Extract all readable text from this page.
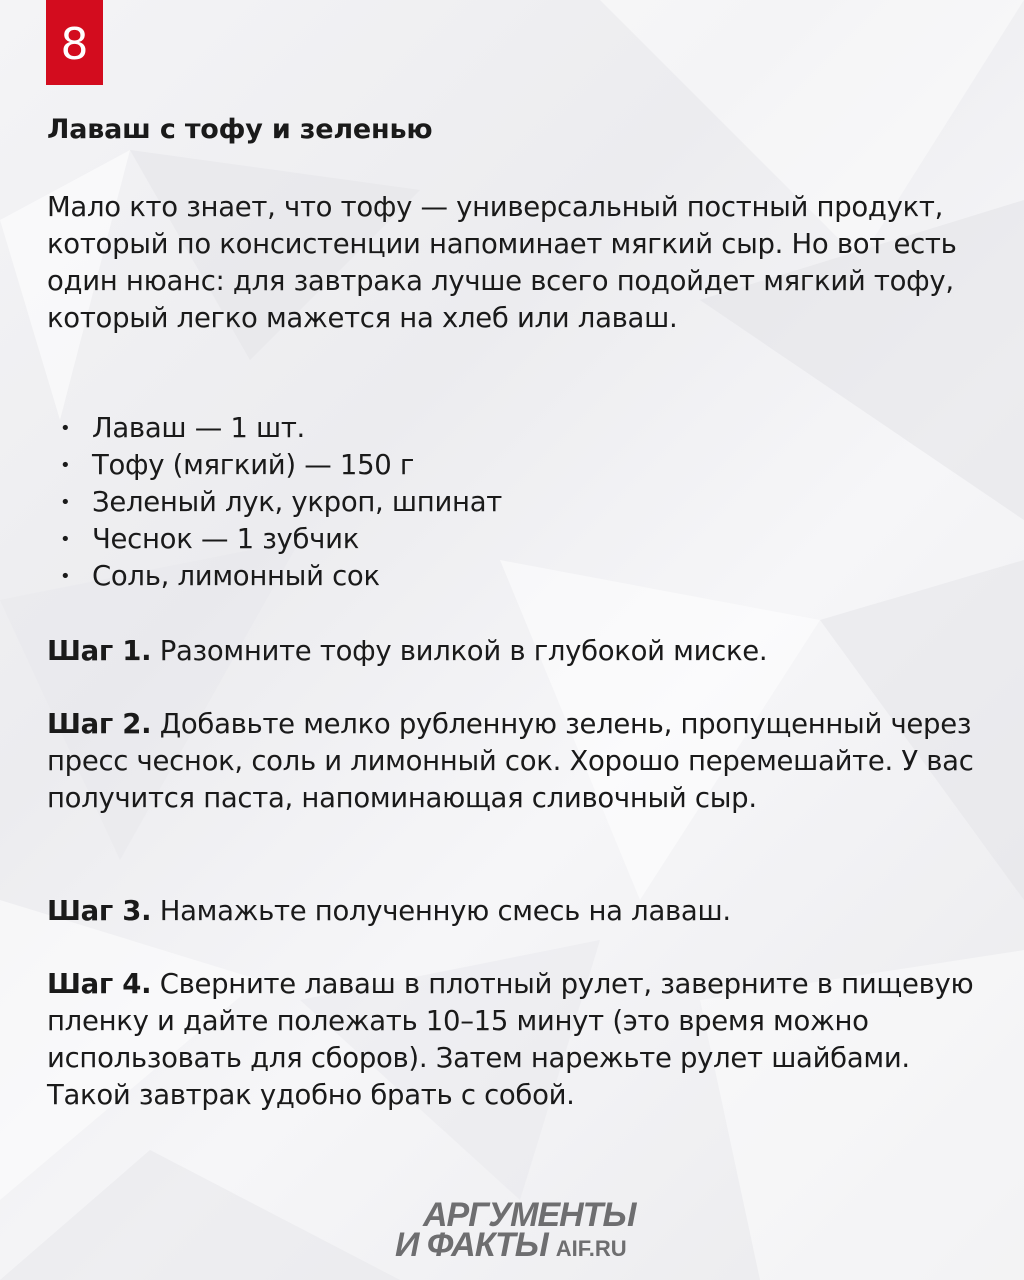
8
Лаваш с тофу и зеленью

Мало кто знает, что тофу — универсальный постный продукт, который по консистенции напоминает мягкий сыр. Но вот есть один нюанс: для завтрака лучше всего подойдет мягкий тофу, который легко мажется на хлеб или лаваш.

• Лаваш — 1 шт.
• Тофу (мягкий) — 150 г
• Зеленый лук, укроп, шпинат
• Чеснок — 1 зубчик
• Соль, лимонный сок
Шаг 1. Разомните тофу вилкой в глубокой миске.
Шаг 2. Добавьте мелко рубленную зелень, пропущенный через пресс чеснок, соль и лимонный сок. Хорошо перемешайте. У вас получится паста, напоминающая сливочный сыр.
Шаг 3. Намажьте полученную смесь на лаваш.
Шаг 4. Сверните лаваш в плотный рулет, заверните в пищевую пленку и дайте полежать 10–15 минут (это время можно использовать для сборов). Затем нарежьте рулет шайбами. Такой завтрак удобно брать с собой.
АРГУМЕНТЫ
И ФАКТЫ AIF.RU
